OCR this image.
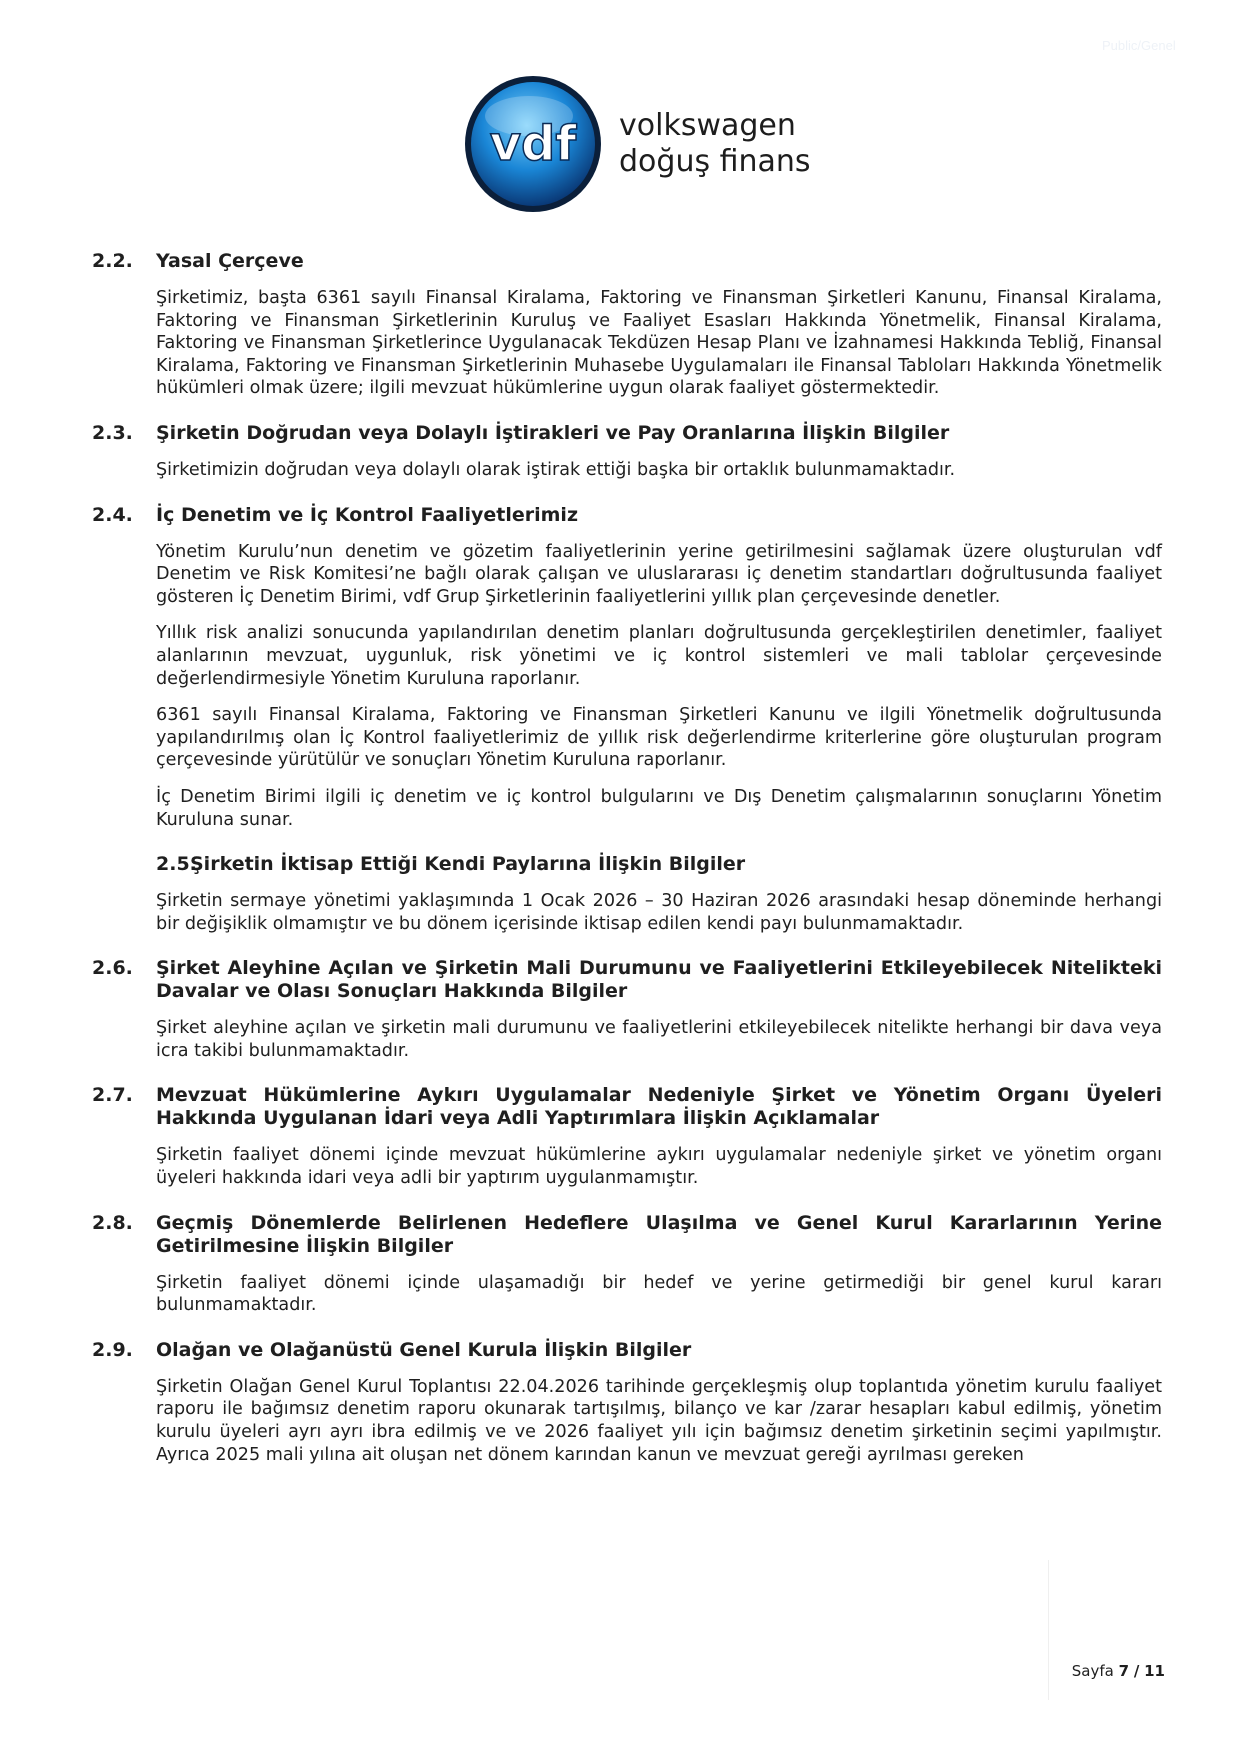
Public/Genel
vdf volkswagen
doğuş finans
2.2.	Yasal Çerçeve

Şirketimiz, başta 6361 sayılı Finansal Kiralama, Faktoring ve Finansman Şirketleri Kanunu, Finansal Kiralama, Faktoring ve Finansman Şirketlerinin Kuruluş ve Faaliyet Esasları Hakkında Yönetmelik, Finansal Kiralama, Faktoring ve Finansman Şirketlerince Uygulanacak Tekdüzen Hesap Planı ve İzahnamesi Hakkında Tebliğ, Finansal Kiralama, Faktoring ve Finansman Şirketlerinin Muhasebe Uygulamaları ile Finansal Tabloları Hakkında Yönetmelik hükümleri olmak üzere; ilgili mevzuat hükümlerine uygun olarak faaliyet göstermektedir.

2.3.	Şirketin Doğrudan veya Dolaylı İştirakleri ve Pay Oranlarına İlişkin Bilgiler

Şirketimizin doğrudan veya dolaylı olarak iştirak ettiği başka bir ortaklık bulunmamaktadır.

2.4.	İç Denetim ve İç Kontrol Faaliyetlerimiz

Yönetim Kurulu’nun denetim ve gözetim faaliyetlerinin yerine getirilmesini sağlamak üzere oluşturulan vdf Denetim ve Risk Komitesi’ne bağlı olarak çalışan ve uluslararası iç denetim standartları doğrultusunda faaliyet gösteren İç Denetim Birimi, vdf Grup Şirketlerinin faaliyetlerini yıllık plan çerçevesinde denetler.

Yıllık risk analizi sonucunda yapılandırılan denetim planları doğrultusunda gerçekleştirilen denetimler, faaliyet alanlarının mevzuat, uygunluk, risk yönetimi ve iç kontrol sistemleri ve mali tablolar çerçevesinde değerlendirmesiyle Yönetim Kuruluna raporlanır.

6361 sayılı Finansal Kiralama, Faktoring ve Finansman Şirketleri Kanunu ve ilgili Yönetmelik doğrultusunda yapılandırılmış olan İç Kontrol faaliyetlerimiz de yıllık risk değerlendirme kriterlerine göre oluşturulan program çerçevesinde yürütülür ve sonuçları Yönetim Kuruluna raporlanır.

İç Denetim Birimi ilgili iç denetim ve iç kontrol bulgularını ve Dış Denetim çalışmalarının sonuçlarını Yönetim Kuruluna sunar.

2.5.
Şirketin İktisap Ettiği Kendi Paylarına İlişkin Bilgiler

Şirketin sermaye yönetimi yaklaşımında 1 Ocak 2026 – 30 Haziran 2026 arasındaki hesap döneminde herhangi bir değişiklik olmamıştır ve bu dönem içerisinde iktisap edilen kendi payı bulunmamaktadır.

2.6.	Şirket Aleyhine Açılan ve Şirketin Mali Durumunu ve Faaliyetlerini Etkileyebilecek Nitelikteki Davalar ve Olası Sonuçları Hakkında Bilgiler

Şirket aleyhine açılan ve şirketin mali durumunu ve faaliyetlerini etkileyebilecek nitelikte herhangi bir dava veya icra takibi bulunmamaktadır.

2.7.	Mevzuat Hükümlerine Aykırı Uygulamalar Nedeniyle Şirket ve Yönetim Organı Üyeleri Hakkında Uygulanan İdari veya Adli Yaptırımlara İlişkin Açıklamalar

Şirketin faaliyet dönemi içinde mevzuat hükümlerine aykırı uygulamalar nedeniyle şirket ve yönetim organı üyeleri hakkında idari veya adli bir yaptırım uygulanmamıştır.

2.8.	Geçmiş Dönemlerde Belirlenen Hedeflere Ulaşılma ve Genel Kurul Kararlarının Yerine Getirilmesine İlişkin Bilgiler

Şirketin faaliyet dönemi içinde ulaşamadığı bir hedef ve yerine getirmediği bir genel kurul kararı bulunmamaktadır.

2.9.	Olağan ve Olağanüstü Genel Kurula İlişkin Bilgiler

Şirketin Olağan Genel Kurul Toplantısı 22.04.2026 tarihinde gerçekleşmiş olup toplantıda yönetim kurulu faaliyet raporu ile bağımsız denetim raporu okunarak tartışılmış, bilanço ve kar /zarar hesapları kabul edilmiş, yönetim kurulu üyeleri ayrı ayrı ibra edilmiş ve ve 2026 faaliyet yılı için bağımsız denetim şirketinin seçimi yapılmıştır. Ayrıca 2025 mali yılına ait oluşan net dönem karından kanun ve mevzuat gereği ayrılması gereken

Sayfa 7 / 11
